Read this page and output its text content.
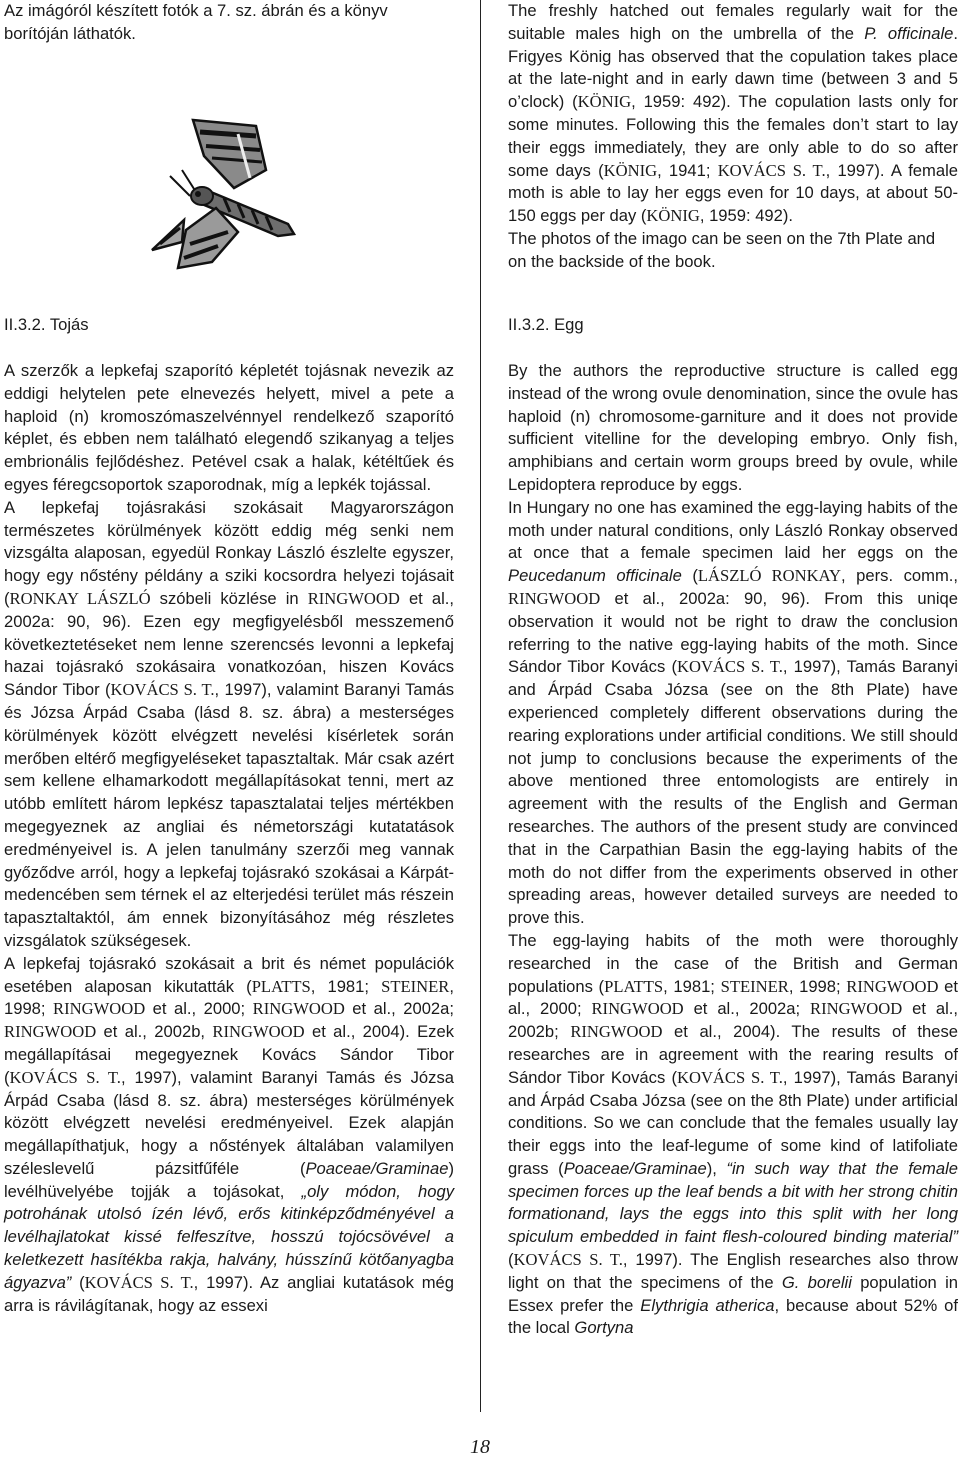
Az imágóról készített fotók a 7. sz. ábrán és a könyv borítóján láthatók.

II.3.2. Tojás

A szerzők a lepkefaj szaporító képletét tojásnak nevezik az eddigi helytelen pete elnevezés helyett, mivel a pete a haploid (n) kromoszómaszelvénnyel rendelkező szaporító képlet, és ebben nem található elegendő szikanyag a teljes embrionális fejlődéshez. Petével csak a halak, kétéltűek és egyes féregcsoportok szaporodnak, míg a lepkék tojással.

A lepkefaj tojásrakási szokásait Magyarországon természetes körülmények között eddig még senki nem vizsgálta alaposan, egyedül Ronkay László észlelte egyszer, hogy egy nőstény példány a sziki kocsordra helyezi tojásait (RONKAY LÁSZLÓ szóbeli közlése in RINGWOOD et al., 2002a: 90, 96). Ezen egy megfigyelésből messzemenő következtetéseket nem lenne szerencsés levonni a lepkefaj hazai tojásrakó szokásaira vonatkozóan, hiszen Kovács Sándor Tibor (KOVÁCS S. T., 1997), valamint Baranyi Tamás és Józsa Árpád Csaba (lásd 8. sz. ábra) a mesterséges körülmények között elvégzett nevelési kísérletek során merőben eltérő megfigyeléseket tapasztaltak. Már csak azért sem kellene elhamarkodott megállapításokat tenni, mert az utóbb említett három lepkész tapasztalatai teljes mértékben megegyeznek az angliai és németországi kutatatások eredményeivel is. A jelen tanulmány szerzői meg vannak győződve arról, hogy a lepkefaj tojásrakó szokásai a Kárpát-medencében sem térnek el az elterjedési terület más részein tapasztaltaktól, ám ennek bizonyításához még részletes vizsgálatok szükségesek.

A lepkefaj tojásrakó szokásait a brit és német populációk esetében alaposan kikutatták (PLATTS, 1981; STEINER, 1998; RINGWOOD et al., 2000; RINGWOOD et al., 2002a; RINGWOOD et al., 2002b, RINGWOOD et al., 2004). Ezek megállapításai megegyeznek Kovács Sándor Tibor (KOVÁCS S. T., 1997), valamint Baranyi Tamás és Józsa Árpád Csaba (lásd 8. sz. ábra) mesterséges körülmények között elvégzett nevelési eredményeivel. Ezek alapján megállapíthatjuk, hogy a nőstények általában valamilyen széleslevelű pázsitfűféle (Poaceae/Graminae) levélhüvelyébe tojják a tojásokat, „oly módon, hogy potrohának utolsó ízén lévő, erős kitinképződményével a levélhajlatokat kissé felfeszítve, hosszú tojócsövével a keletkezett hasítékba rakja, halvány, hússzínű kötőanyagba ágyazva” (KOVÁCS S. T., 1997). Az angliai kutatások még arra is rávilágítanak, hogy az essexi

The freshly hatched out females regularly wait for the suitable males high on the umbrella of the P. officinale. Frigyes König has observed that the copulation takes place at the late-night and in early dawn time (between 3 and 5 o’clock) (KÖNIG, 1959: 492). The copulation lasts only for some minutes. Following this the females don’t start to lay their eggs immediately, they are only able to do so after some days (KÖNIG, 1941; KOVÁCS S. T., 1997). A female moth is able to lay her eggs even for 10 days, at about 50-150 eggs per day (KÖNIG, 1959: 492).

The photos of the imago can be seen on the 7th Plate and on the backside of the book.

II.3.2. Egg

By the authors the reproductive structure is called egg instead of the wrong ovule denomination, since the ovule has haploid (n) chromosome-garniture and it does not provide sufficient vitelline for the developing embryo. Only fish, amphibians and certain worm groups breed by ovule, while Lepidoptera reproduce by eggs.

In Hungary no one has examined the egg-laying habits of the moth under natural conditions, only László Ronkay observed at once that a female specimen laid her eggs on the Peucedanum officinale (LÁSZLÓ RONKAY, pers. comm., RINGWOOD et al., 2002a: 90, 96). From this uniqe observation it would not be right to draw the conclusion referring to the native egg-laying habits of the moth. Since Sándor Tibor Kovács (KOVÁCS S. T., 1997), Tamás Baranyi and Árpád Csaba Józsa (see on the 8th Plate) have experienced completely different observations during the rearing explorations under artificial conditions. We still should not jump to conclusions because the experiments of the above mentioned three entomologists are entirely in agreement with the results of the English and German researches. The authors of the present study are convinced that in the Carpathian Basin the egg-laying habits of the moth do not differ from the experiments observed in other spreading areas, however detailed surveys are needed to prove this.

The egg-laying habits of the moth were thoroughly researched in the case of the British and German populations (PLATTS, 1981; STEINER, 1998; RINGWOOD et al., 2000; RINGWOOD et al., 2002a; RINGWOOD et al., 2002b; RINGWOOD et al., 2004). The results of these researches are in agreement with the rearing results of Sándor Tibor Kovács (KOVÁCS S. T., 1997), Tamás Baranyi and Árpád Csaba Józsa (see on the 8th Plate) under artificial conditions. So we can conclude that the females usually lay their eggs into the leaf-legume of some kind of latifoliate grass (Poaceae/Graminae), “in such way that the female specimen forces up the leaf bends a bit with her strong chitin formationand, lays the eggs into this split with her long spiculum embedded in faint flesh-coloured binding material” (KOVÁCS S. T., 1997). The English researches also throw light on that the specimens of the G. borelii population in Essex prefer the Elythrigia atherica, because about 52% of the local Gortyna

18
